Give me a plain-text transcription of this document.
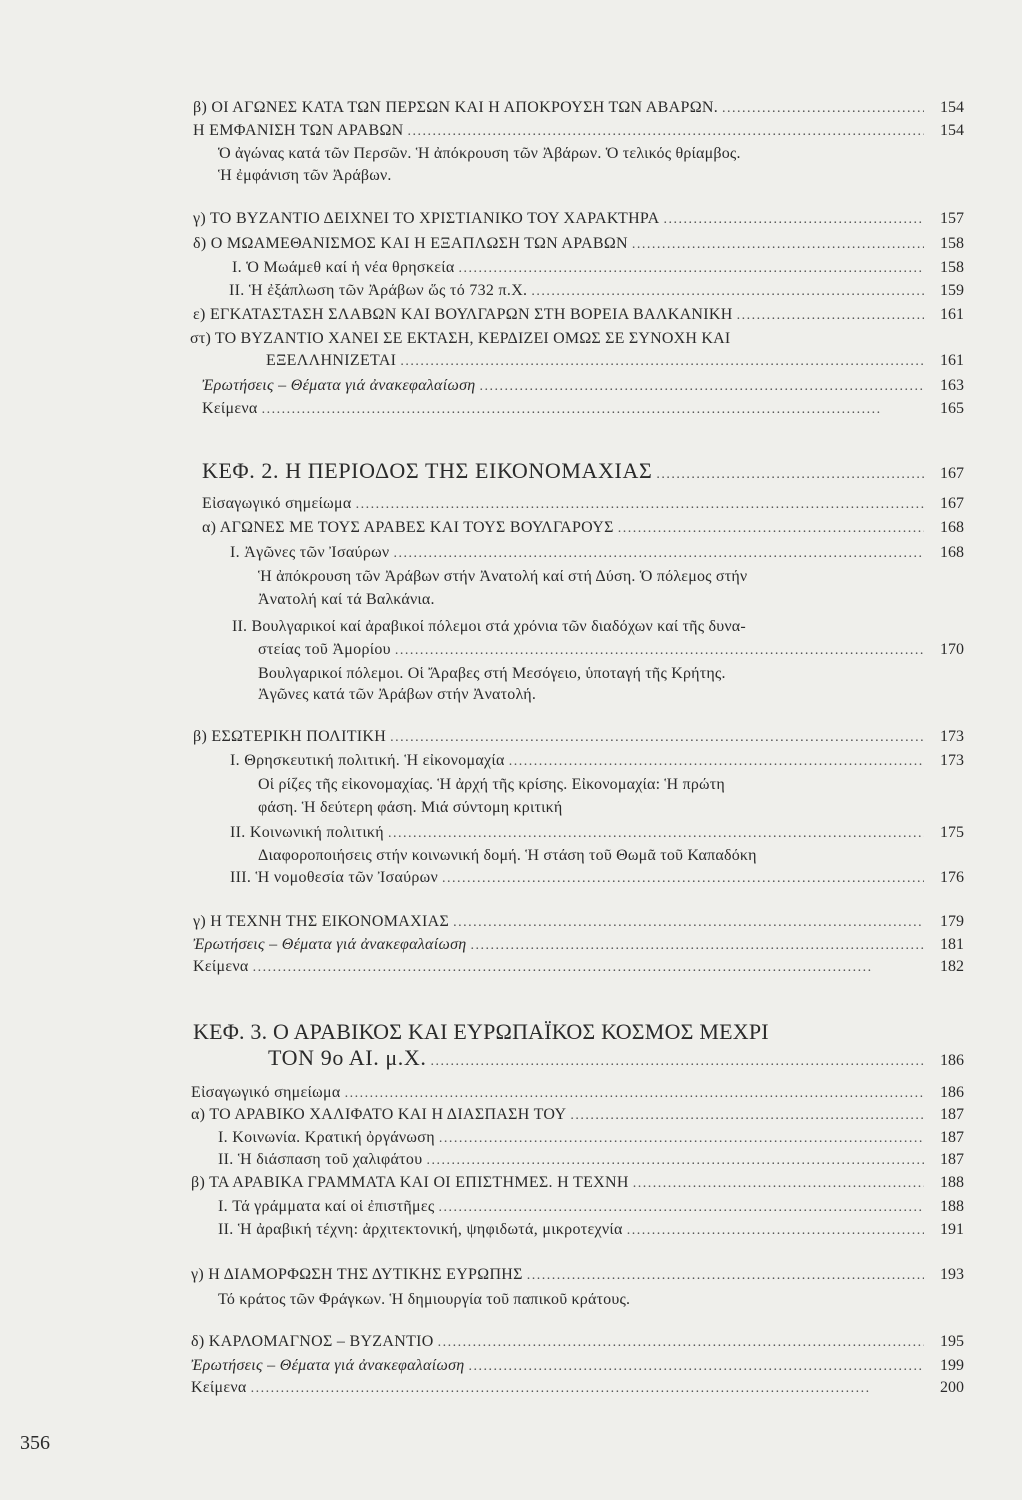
β) ΟΙ ΑΓΩΝΕΣ ΚΑΤΑ ΤΩΝ ΠΕΡΣΩΝ ΚΑΙ Η ΑΠΟΚΡΟΥΣΗ ΤΩΝ ΑΒΑΡΩΝ. . . .	154
Η ΕΜΦΑΝΙΣΗ ΤΩΝ ΑΡΑΒΩΝ . . .	154
Ὁ ἀγώνας κατά τῶν Περσῶν. Ἡ ἀπόκρουση τῶν Ἀβάρων. Ὁ τελικός θρίαμβος.
Ἡ ἐμφάνιση τῶν Ἀράβων.
γ) ΤΟ ΒΥΖΑΝΤΙΟ ΔΕΙΧΝΕΙ ΤΟ ΧΡΙΣΤΙΑΝΙΚΟ ΤΟΥ ΧΑΡΑΚΤΗΡΑ . . .	157
δ) Ο ΜΩΑΜΕΘΑΝΙΣΜΟΣ ΚΑΙ Η ΕΞΑΠΛΩΣΗ ΤΩΝ ΑΡΑΒΩΝ . . .	158
I. Ὁ Μωάμεθ καί ἡ νέα θρησκεία . . .	158
II. Ἡ ἐξάπλωση τῶν Ἀράβων ὥς τό 732 π.Χ. . . .	159
ε) ΕΓΚΑΤΑΣΤΑΣΗ ΣΛΑΒΩΝ ΚΑΙ ΒΟΥΛΓΑΡΩΝ ΣΤΗ ΒΟΡΕΙΑ ΒΑΛΚΑΝΙΚΗ . . .	161
στ) ΤΟ ΒΥΖΑΝΤΙΟ ΧΑΝΕΙ ΣΕ ΕΚΤΑΣΗ, ΚΕΡΔΙΖΕΙ ΟΜΩΣ ΣΕ ΣΥΝΟΧΗ ΚΑΙ
ΕΞΕΛΛΗΝΙΖΕΤΑΙ . . .	161
Ἐρωτήσεις – Θέματα γιά ἀνακεφαλαίωση . . .	163
Κείμενα . . .	165
ΚΕΦ. 2. Η ΠΕΡΙΟΔΟΣ ΤΗΣ ΕΙΚΟΝΟΜΑΧΙΑΣ . . .	167
Εἰσαγωγικό σημείωμα . . .	167
α) ΑΓΩΝΕΣ ΜΕ ΤΟΥΣ ΑΡΑΒΕΣ ΚΑΙ ΤΟΥΣ ΒΟΥΛΓΑΡΟΥΣ . . .	168
I. Ἀγῶνες τῶν Ἰσαύρων . . .	168
Ἡ ἀπόκρουση τῶν Ἀράβων στήν Ἀνατολή καί στή Δύση. Ὁ πόλεμος στήν
Ἀνατολή καί τά Βαλκάνια.
II. Βουλγαρικοί καί ἀραβικοί πόλεμοι στά χρόνια τῶν διαδόχων καί τῆς δυνα-
στείας τοῦ Ἀμορίου . . .	170
Βουλγαρικοί πόλεμοι. Οἱ Ἄραβες στή Μεσόγειο, ὑποταγή τῆς Κρήτης.
Ἀγῶνες κατά τῶν Ἀράβων στήν Ἀνατολή.
β) ΕΣΩΤΕΡΙΚΗ ΠΟΛΙΤΙΚΗ . . .	173
I. Θρησκευτική πολιτική. Ἡ εἰκονομαχία . . .	173
Οἱ ρίζες τῆς εἰκονομαχίας. Ἡ ἀρχή τῆς κρίσης. Εἰκονομαχία: Ἡ πρώτη
φάση. Ἡ δεύτερη φάση. Μιά σύντομη κριτική
II. Κοινωνική πολιτική . . .	175
Διαφοροποιήσεις στήν κοινωνική δομή. Ἡ στάση τοῦ Θωμᾶ τοῦ Καπαδόκη
III. Ἡ νομοθεσία τῶν Ἰσαύρων . . .	176
γ) Η ΤΕΧΝΗ ΤΗΣ ΕΙΚΟΝΟΜΑΧΙΑΣ . . .	179
Ἐρωτήσεις – Θέματα γιά ἀνακεφαλαίωση . . .	181
Κείμενα . . .	182
ΚΕΦ. 3. Ο ΑΡΑΒΙΚΟΣ ΚΑΙ ΕΥΡΩΠΑΪΚΟΣ ΚΟΣΜΟΣ ΜΕΧΡΙ
ΤΟΝ 9ο ΑΙ. μ.Χ. . . .	186
Εἰσαγωγικό σημείωμα . . .	186
α) ΤΟ ΑΡΑΒΙΚΟ ΧΑΛΙΦΑΤΟ ΚΑΙ Η ΔΙΑΣΠΑΣΗ ΤΟΥ . . .	187
I. Κοινωνία. Κρατική ὀργάνωση . . .	187
II. Ἡ διάσπαση τοῦ χαλιφάτου . . .	187
β) ΤΑ ΑΡΑΒΙΚΑ ΓΡΑΜΜΑΤΑ ΚΑΙ ΟΙ ΕΠΙΣΤΗΜΕΣ. Η ΤΕΧΝΗ . . .	188
I. Τά γράμματα καί οἱ ἐπιστῆμες . . .	188
II. Ἡ ἀραβική τέχνη: ἀρχιτεκτονική, ψηφιδωτά, μικροτεχνία . . .	191
γ) Η ΔΙΑΜΟΡΦΩΣΗ ΤΗΣ ΔΥΤΙΚΗΣ ΕΥΡΩΠΗΣ . . .	193
Τό κράτος τῶν Φράγκων. Ἡ δημιουργία τοῦ παπικοῦ κράτους.
δ) ΚΑΡΛΟΜΑΓΝΟΣ – ΒΥΖΑΝΤΙΟ . . .	195
Ἐρωτήσεις – Θέματα γιά ἀνακεφαλαίωση . . .	199
Κείμενα . . .	200
356
